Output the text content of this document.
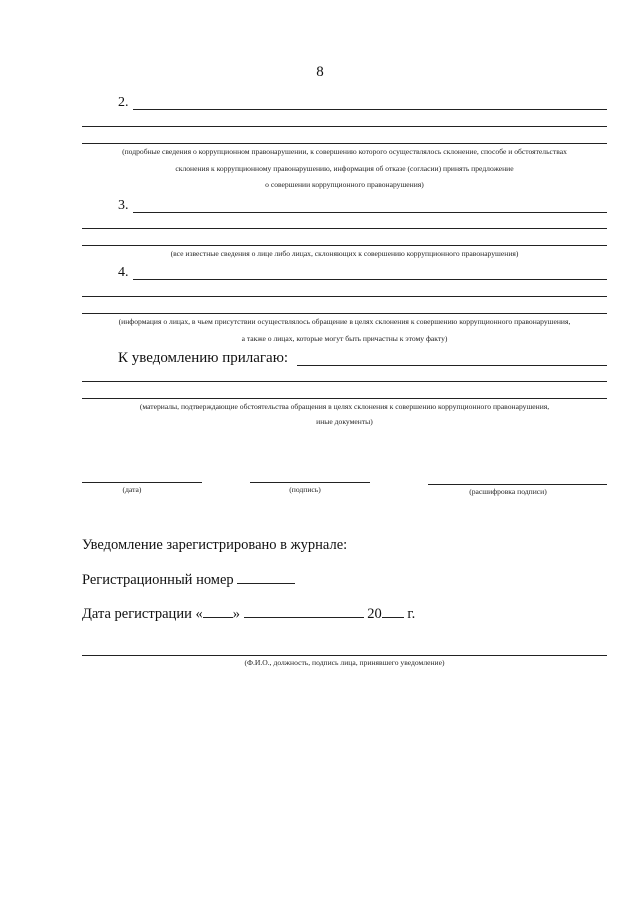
8
2.
(подробные сведения о коррупционном правонарушении, к совершению которого осуществлялось склонение, способе и обстоятельствах
склонения к коррупционному правонарушению, информация об отказе (согласии) принять предложение
о совершении коррупционного правонарушения)
3.
(все известные сведения о лице либо лицах, склоняющих к совершению коррупционного правонарушения)
4.
(информация о лицах, в чьем присутствии осуществлялось обращение в целях склонения к совершению коррупционного правонарушения,
а также о лицах, которые могут быть причастны к этому факту)
К уведомлению прилагаю:
(материалы, подтверждающие обстоятельства обращения в целях склонения к совершению коррупционного правонарушения,
иные документы)
(дата)	(подпись)	(расшифровка подписи)
Уведомление зарегистрировано в журнале:
Регистрационный номер
Дата регистрации « »	20 г.
(Ф.И.О., должность, подпись лица, принявшего уведомление)
